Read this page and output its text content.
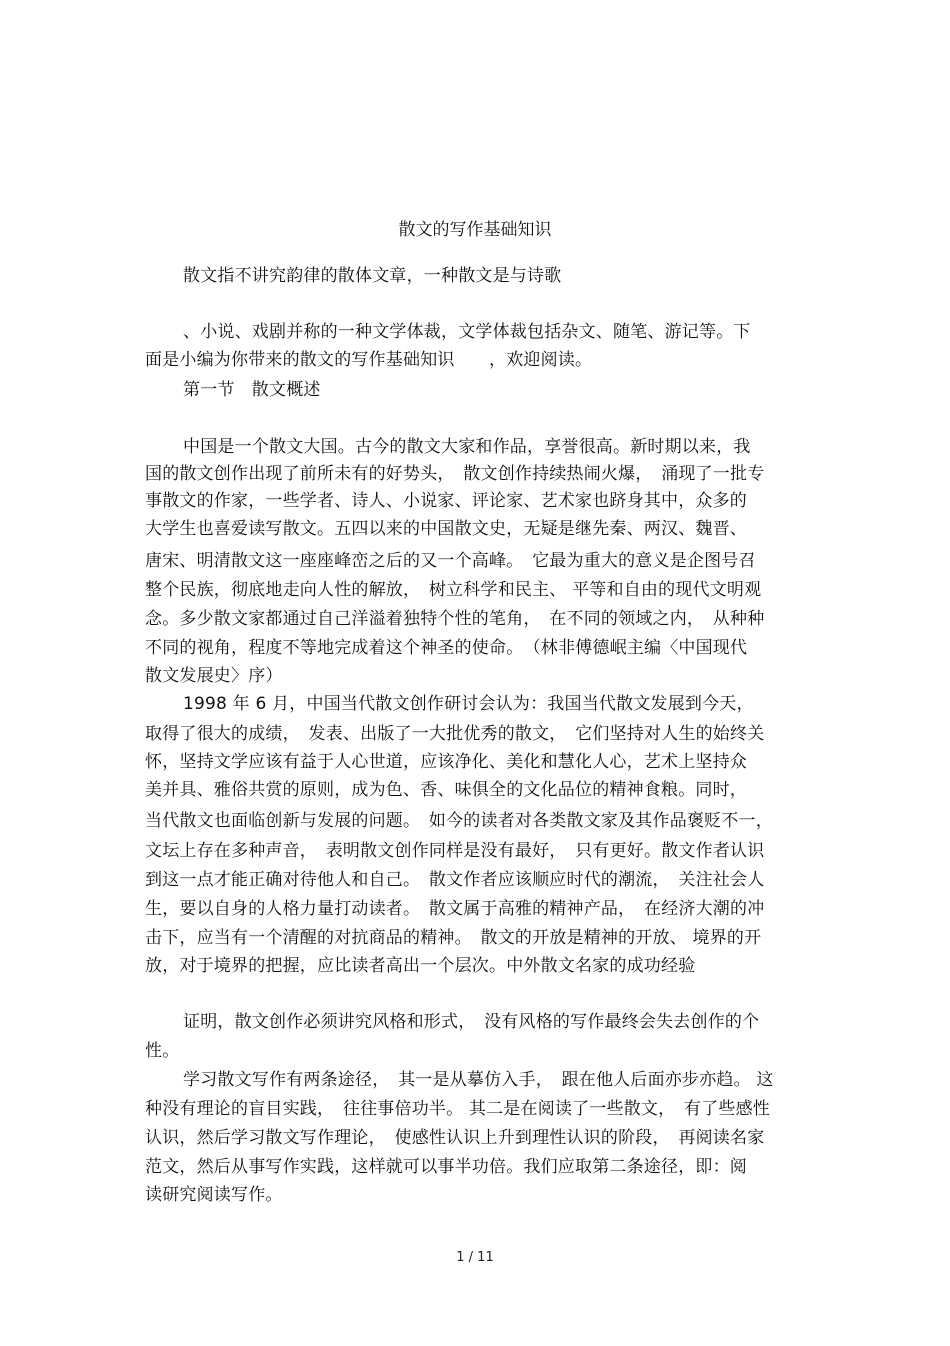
散文的写作基础知识
散文指不讲究韵律的散体文章，一种散文是与诗歌
、小说、戏剧并称的一种文学体裁，文学体裁包括杂文、随笔、游记等。下
面是小编为你带来的散文的写作基础知识　　，欢迎阅读。
第一节　散文概述
中国是一个散文大国。古今的散文大家和作品，享誉很高。新时期以来，我
国的散文创作出现了前所未有的好势头，　散文创作持续热闹火爆，　涌现了一批专
事散文的作家，一些学者、诗人、小说家、评论家、艺术家也跻身其中，众多的
大学生也喜爱读写散文。五四以来的中国散文史，无疑是继先秦、两汉、魏晋、
唐宋、明清散文这一座座峰峦之后的又一个高峰。　它最为重大的意义是企图号召
整个民族，彻底地走向人性的解放，　树立科学和民主、 平等和自由的现代文明观
念。多少散文家都通过自己洋溢着独特个性的笔角，　在不同的领域之内，　从种种
不同的视角，程度不等地完成着这个神圣的使命。　（林非傅德岷主编〈中国现代
散文发展史〉序）
1998 年 6 月，中国当代散文创作研讨会认为：我国当代散文发展到今天，
取得了很大的成绩，　发表、出版了一大批优秀的散文，　它们坚持对人生的始终关
怀，坚持文学应该有益于人心世道，应该净化、美化和慧化人心，艺术上坚持众
美并具、雅俗共赏的原则，成为色、香、味俱全的文化品位的精神食粮。同时，
当代散文也面临创新与发展的问题。　如今的读者对各类散文家及其作品褒贬不一，
文坛上存在多种声音，　表明散文创作同样是没有最好，　只有更好。散文作者认识
到这一点才能正确对待他人和自己。　散文作者应该顺应时代的潮流，　关注社会人
生，要以自身的人格力量打动读者。　散文属于高雅的精神产品，　在经济大潮的冲
击下，应当有一个清醒的对抗商品的精神。　散文的开放是精神的开放、 境界的开
放，对于境界的把握，应比读者高出一个层次。中外散文名家的成功经验
证明，散文创作必须讲究风格和形式，　没有风格的写作最终会失去创作的个
性。
学习散文写作有两条途径，　其一是从摹仿入手，　跟在他人后面亦步亦趋。 这
种没有理论的盲目实践，　往往事倍功半。 其二是在阅读了一些散文，　有了些感性
认识，然后学习散文写作理论，　使感性认识上升到理性认识的阶段，　再阅读名家
范文，然后从事写作实践，这样就可以事半功倍。我们应取第二条途径，即：阅
读研究阅读写作。
1 / 11
